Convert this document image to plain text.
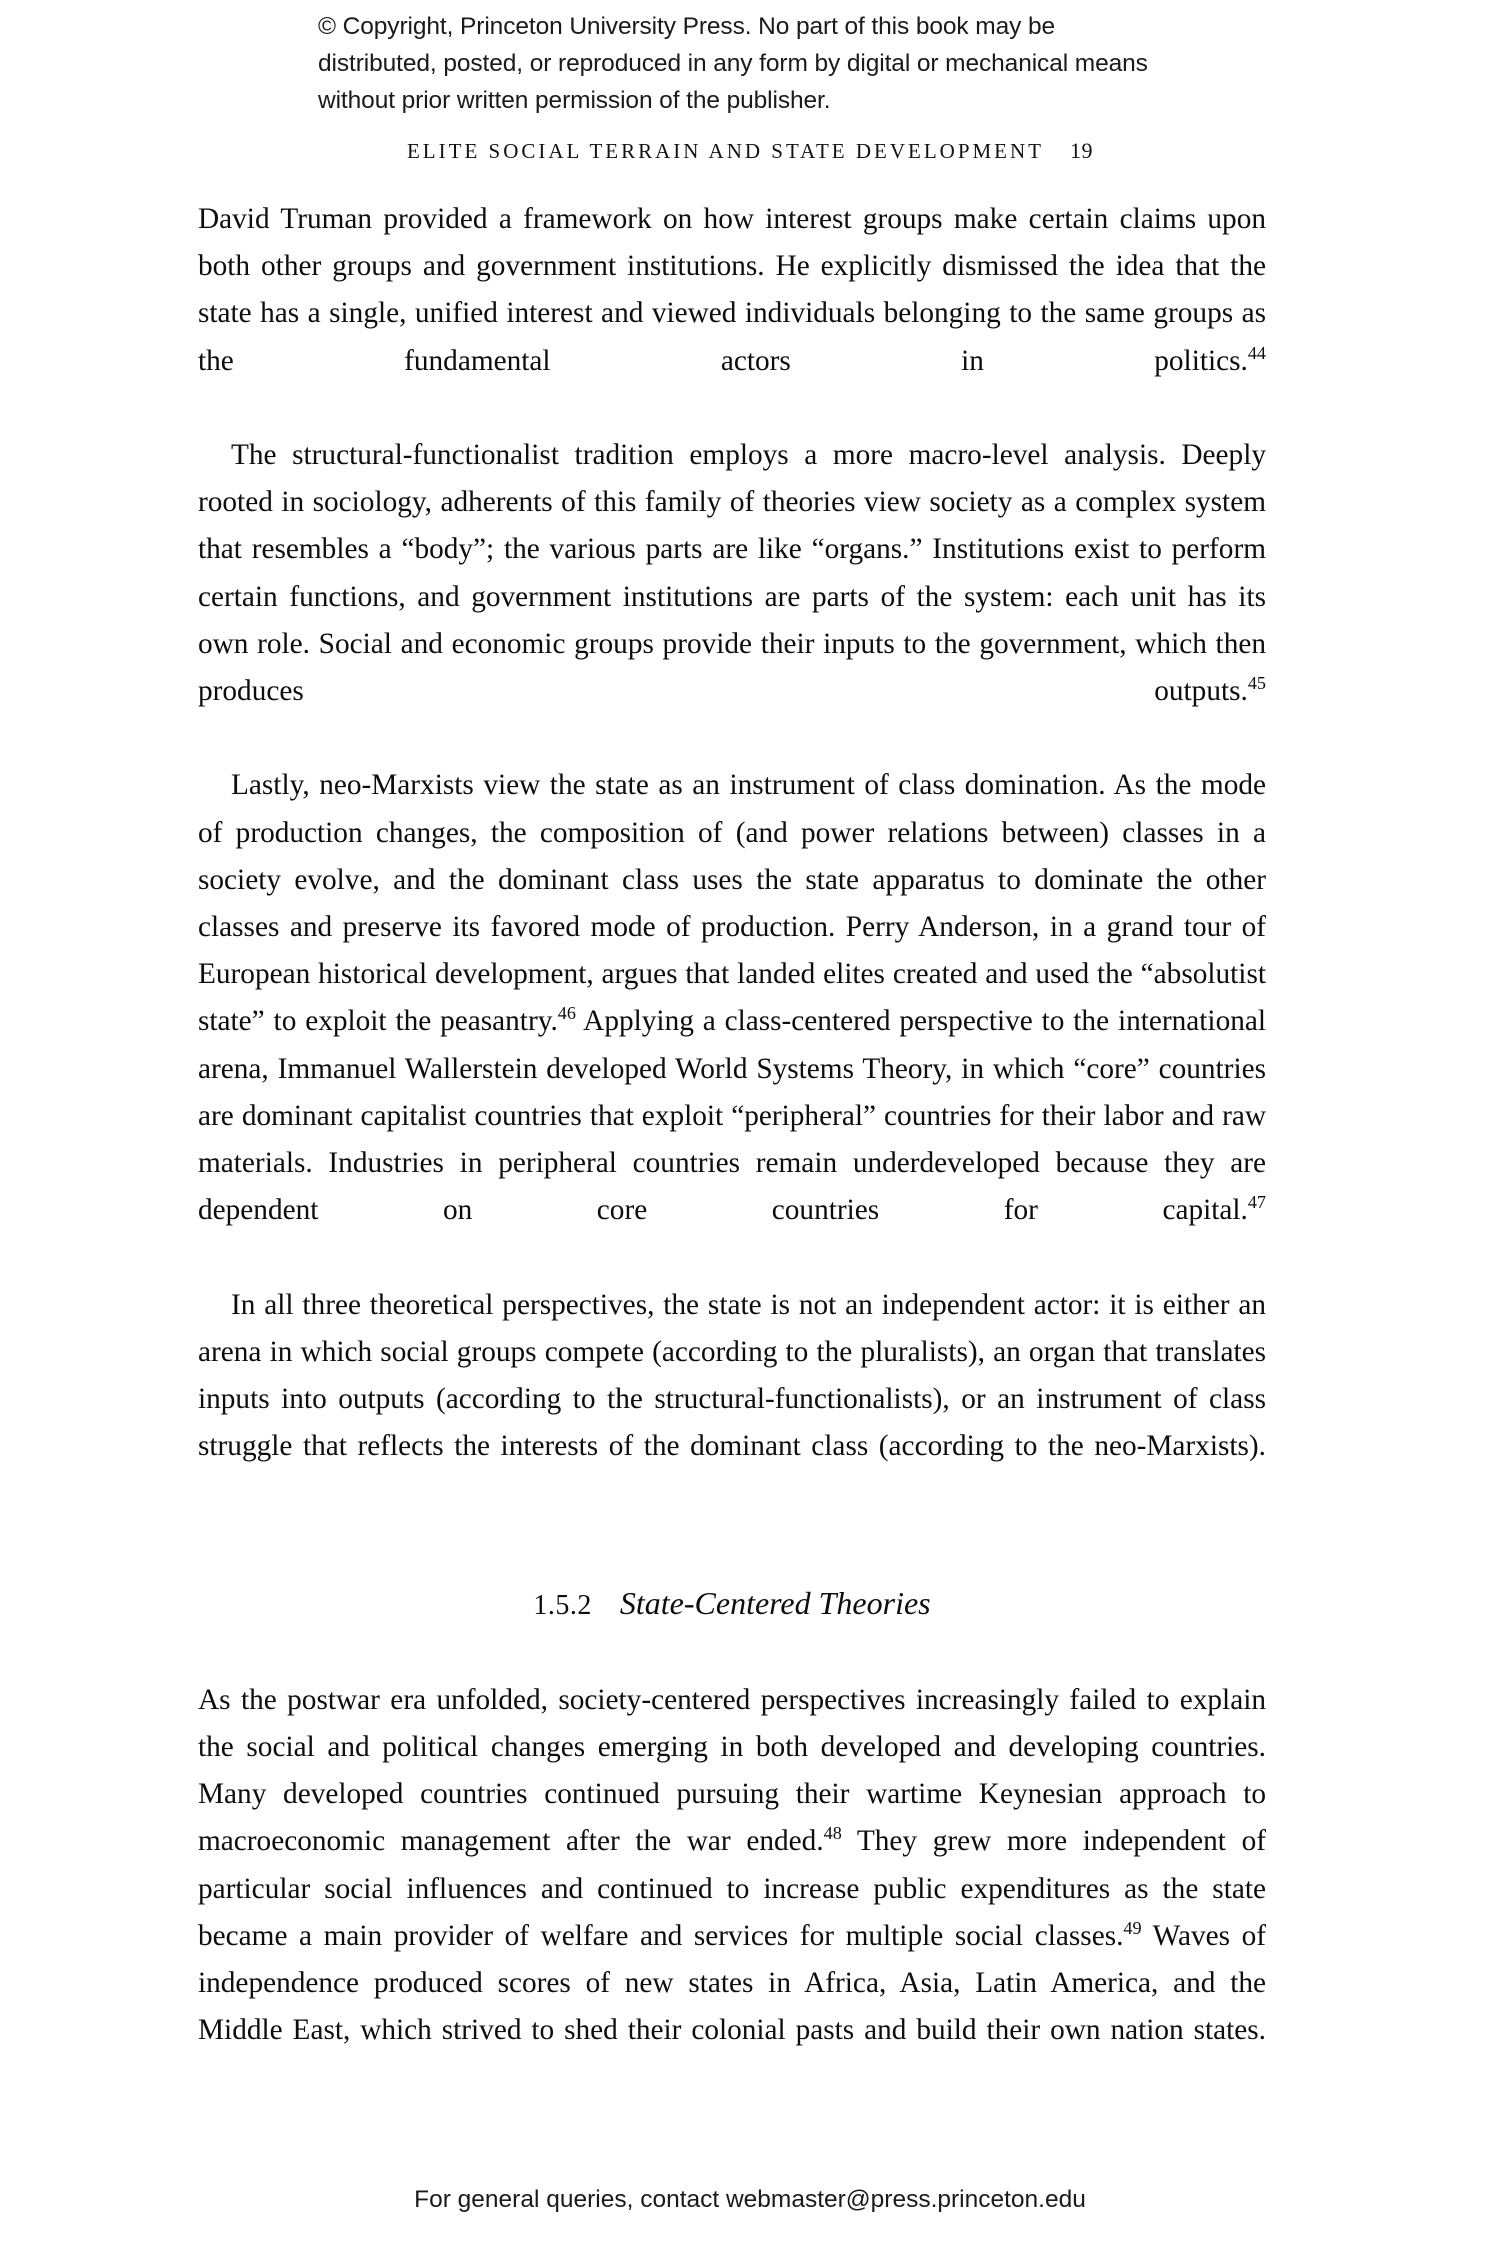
© Copyright, Princeton University Press. No part of this book may be distributed, posted, or reproduced in any form by digital or mechanical means without prior written permission of the publisher.
ELITE SOCIAL TERRAIN AND STATE DEVELOPMENT 19

David Truman provided a framework on how interest groups make certain claims upon both other groups and government institutions. He explicitly dismissed the idea that the state has a single, unified interest and viewed individuals belonging to the same groups as the fundamental actors in politics.$^{44}$

The structural-functionalist tradition employs a more macro-level analysis. Deeply rooted in sociology, adherents of this family of theories view society as a complex system that resembles a “body”; the various parts are like “organs.” Institutions exist to perform certain functions, and government institutions are parts of the system: each unit has its own role. Social and economic groups provide their inputs to the government, which then produces outputs.$^{45}$

Lastly, neo-Marxists view the state as an instrument of class domination. As the mode of production changes, the composition of (and power relations between) classes in a society evolve, and the dominant class uses the state apparatus to dominate the other classes and preserve its favored mode of production. Perry Anderson, in a grand tour of European historical development, argues that landed elites created and used the “absolutist state” to exploit the peasantry.$^{46}$ Applying a class-centered perspective to the international arena, Immanuel Wallerstein developed World Systems Theory, in which “core” countries are dominant capitalist countries that exploit “peripheral” countries for their labor and raw materials. Industries in peripheral countries remain underdeveloped because they are dependent on core countries for capital.$^{47}$

In all three theoretical perspectives, the state is not an independent actor: it is either an arena in which social groups compete (according to the pluralists), an organ that translates inputs into outputs (according to the structural-functionalists), or an instrument of class struggle that reflects the interests of the dominant class (according to the neo-Marxists).

1.5.2 State-Centered Theories

As the postwar era unfolded, society-centered perspectives increasingly failed to explain the social and political changes emerging in both developed and developing countries. Many developed countries continued pursuing their wartime Keynesian approach to macroeconomic management after the war ended.$^{48}$ They grew more independent of particular social influences and continued to increase public expenditures as the state became a main provider of welfare and services for multiple social classes.$^{49}$ Waves of independence produced scores of new states in Africa, Asia, Latin America, and the Middle East, which strived to shed their colonial pasts and build their own nation states.

For general queries, contact webmaster@press.princeton.edu
